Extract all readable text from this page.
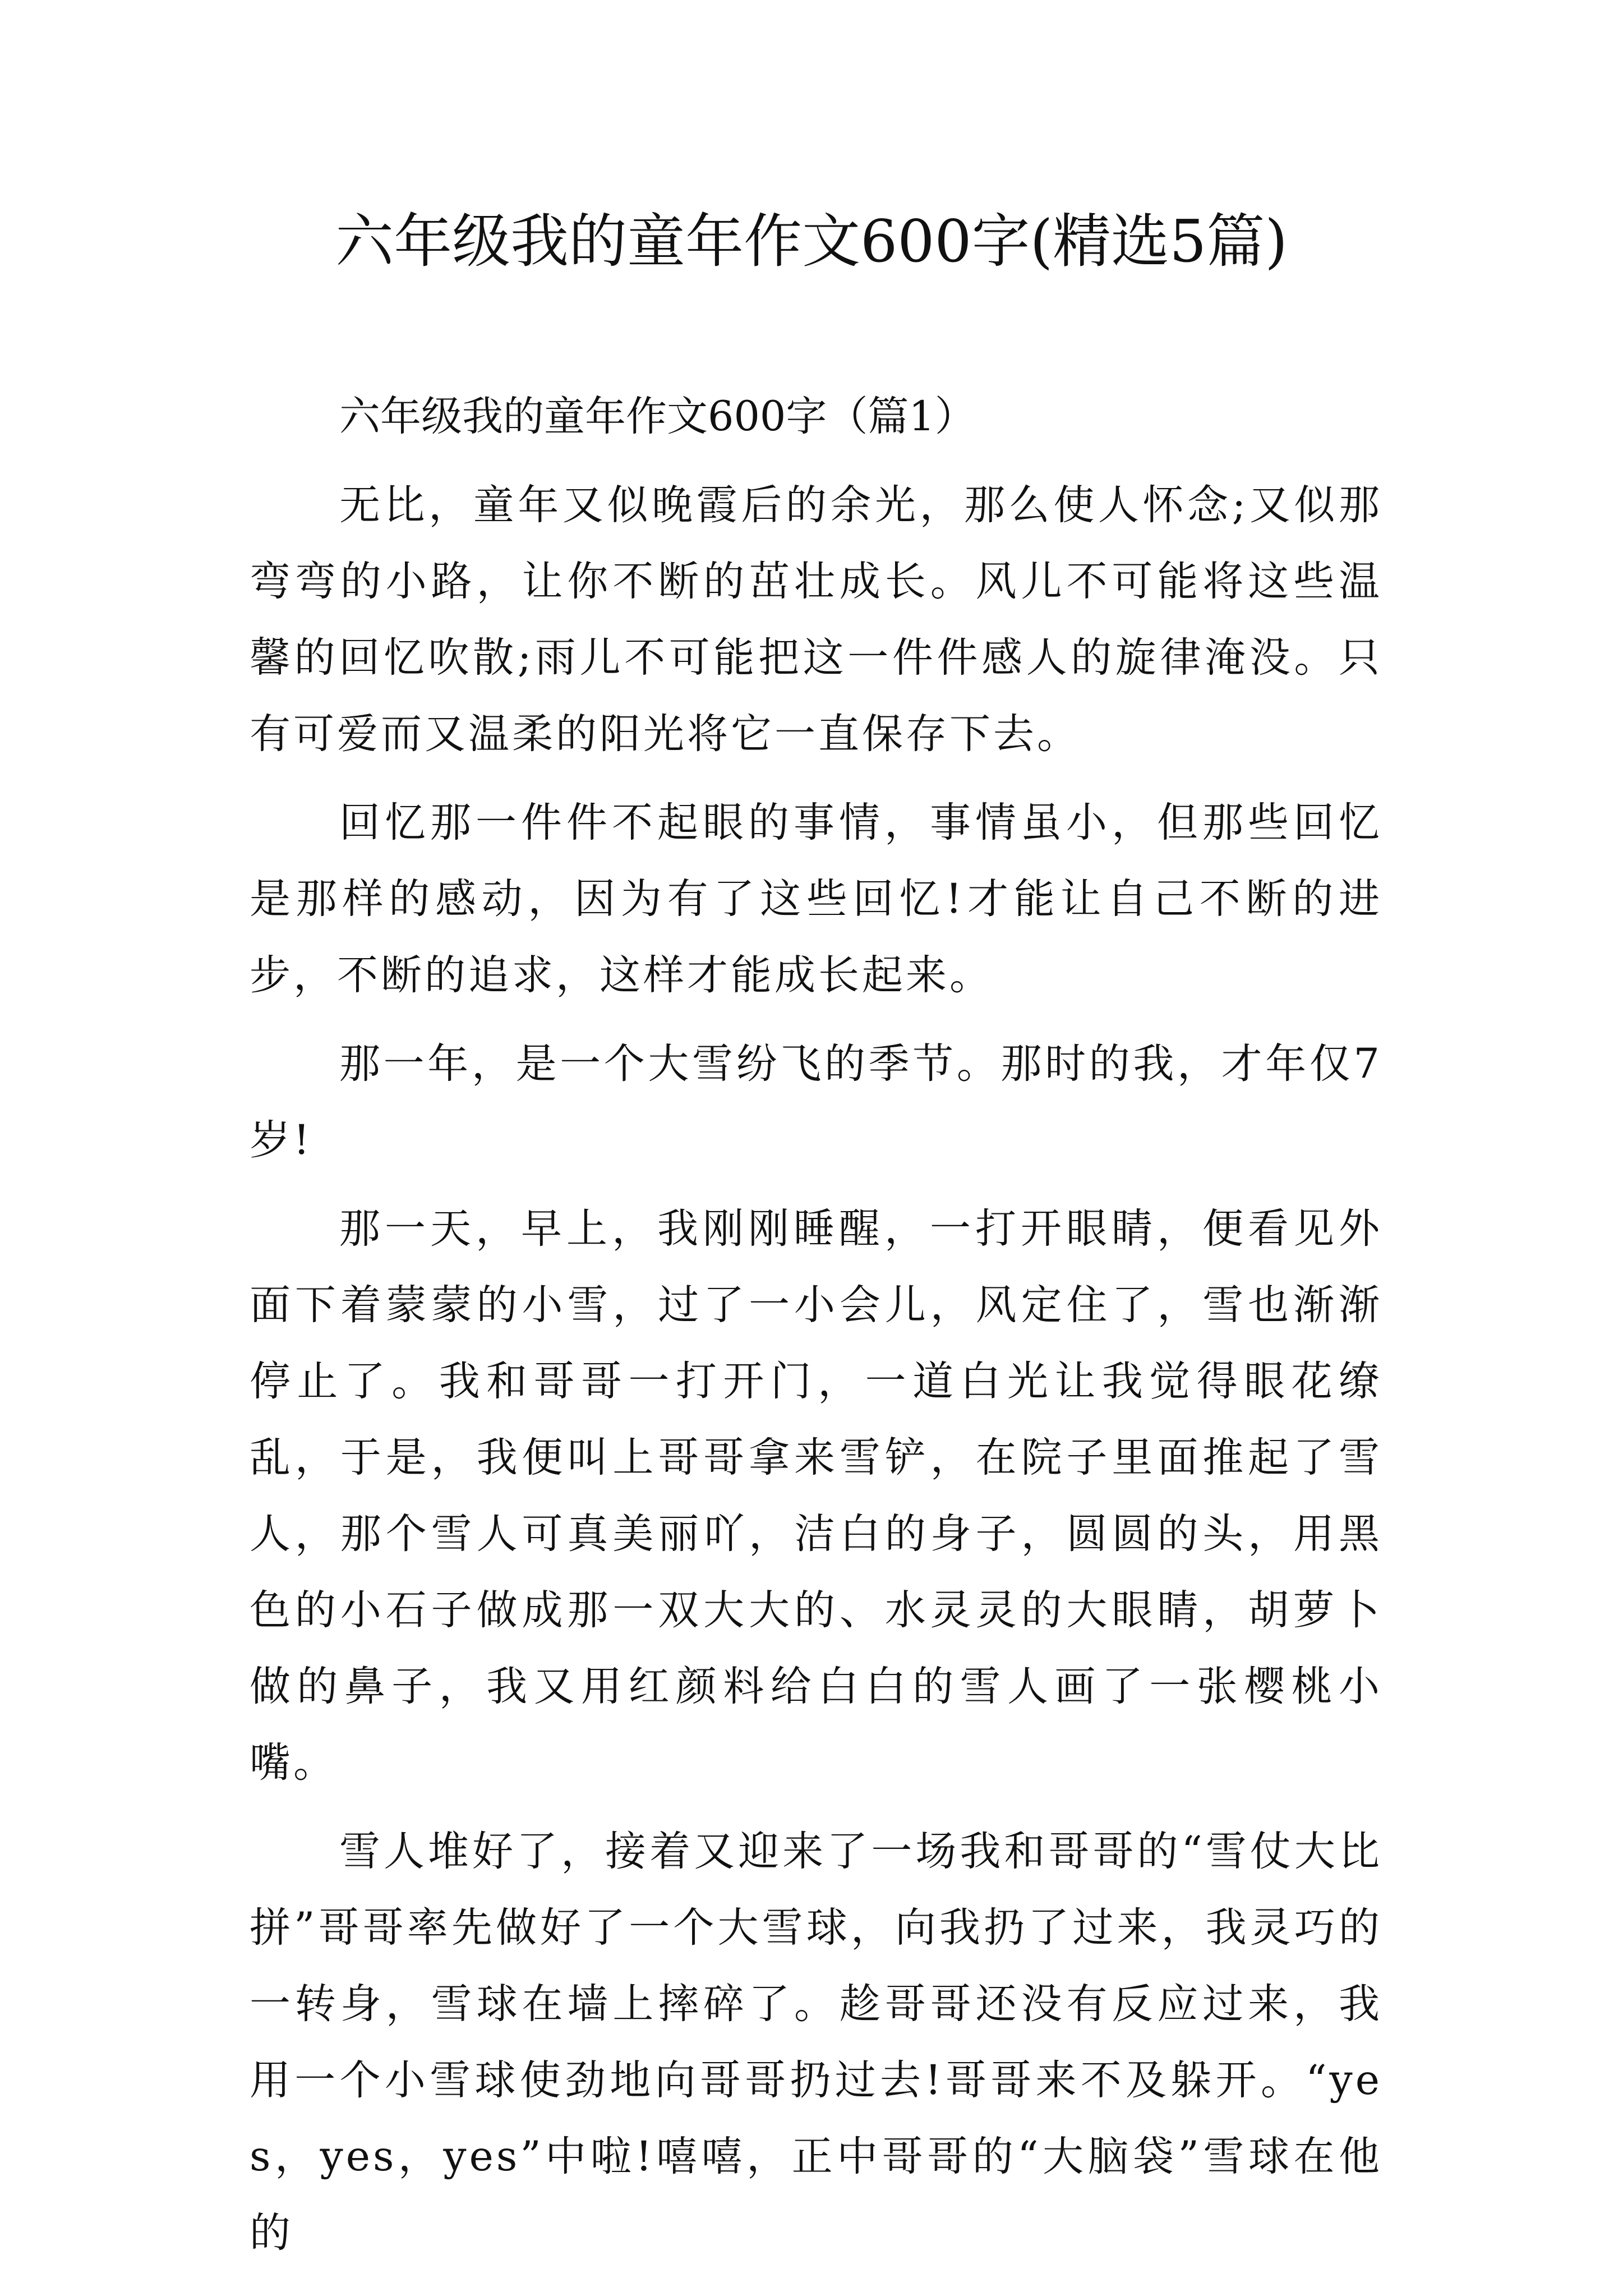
六年级我的童年作文600字(精选5篇)

六年级我的童年作文600字（篇1）

无比，童年又似晚霞后的余光，那么使人怀念;又似那弯弯的小路，让你不断的茁壮成长。风儿不可能将这些温馨的回忆吹散;雨儿不可能把这一件件感人的旋律淹没。只有可爱而又温柔的阳光将它一直保存下去。

回忆那一件件不起眼的事情，事情虽小，但那些回忆是那样的感动，因为有了这些回忆!才能让自己不断的进步，不断的追求，这样才能成长起来。

那一年，是一个大雪纷飞的季节。那时的我，才年仅7岁!

那一天，早上，我刚刚睡醒，一打开眼睛，便看见外面下着蒙蒙的小雪，过了一小会儿，风定住了，雪也渐渐停止了。我和哥哥一打开门，一道白光让我觉得眼花缭乱，于是，我便叫上哥哥拿来雪铲，在院子里面推起了雪人，那个雪人可真美丽吖，洁白的身子，圆圆的头，用黑色的小石子做成那一双大大的、水灵灵的大眼睛，胡萝卜做的鼻子，我又用红颜料给白白的雪人画了一张樱桃小嘴。

雪人堆好了，接着又迎来了一场我和哥哥的“雪仗大比拼”哥哥率先做好了一个大雪球，向我扔了过来，我灵巧的一转身，雪球在墙上摔碎了。趁哥哥还没有反应过来，我用一个小雪球使劲地向哥哥扔过去!哥哥来不及躲开。“yes，yes，yes”中啦!嘻嘻，正中哥哥的“大脑袋”雪球在他的
